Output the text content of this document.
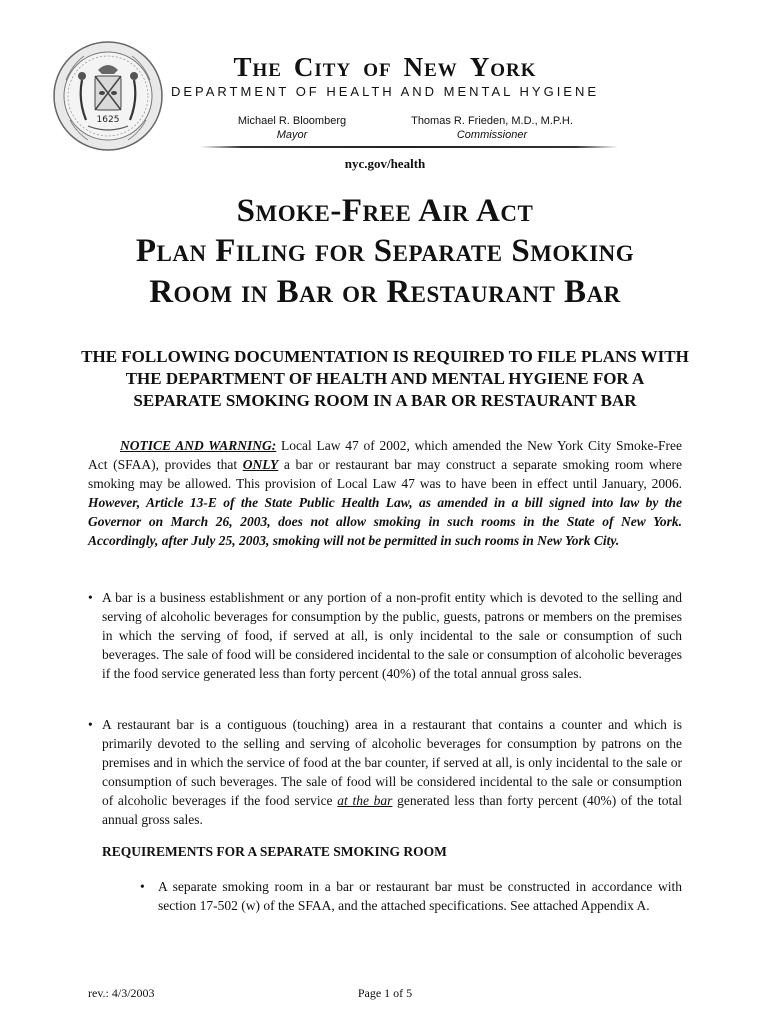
1625
The City of New York
DEPARTMENT OF HEALTH AND MENTAL HYGIENE
Michael R. Bloomberg
Mayor
Thomas R. Frieden, M.D., M.P.H.
Commissioner
nyc.gov/health
Smoke-Free Air Act
Plan Filing for Separate Smoking
Room in Bar or Restaurant Bar
THE FOLLOWING DOCUMENTATION IS REQUIRED TO FILE PLANS WITH THE DEPARTMENT OF HEALTH AND MENTAL HYGIENE FOR A SEPARATE SMOKING ROOM IN A BAR OR RESTAURANT BAR
NOTICE AND WARNING: Local Law 47 of 2002, which amended the New York City Smoke-Free Act (SFAA), provides that ONLY a bar or restaurant bar may construct a separate smoking room where smoking may be allowed. This provision of Local Law 47 was to have been in effect until January, 2006. However, Article 13-E of the State Public Health Law, as amended in a bill signed into law by the Governor on March 26, 2003, does not allow smoking in such rooms in the State of New York. Accordingly, after July 25, 2003, smoking will not be permitted in such rooms in New York City.
• A bar is a business establishment or any portion of a non-profit entity which is devoted to the selling and serving of alcoholic beverages for consumption by the public, guests, patrons or members on the premises in which the serving of food, if served at all, is only incidental to the sale or consumption of such beverages. The sale of food will be considered incidental to the sale or consumption of alcoholic beverages if the food service generated less than forty percent (40%) of the total annual gross sales.
• A restaurant bar is a contiguous (touching) area in a restaurant that contains a counter and which is primarily devoted to the selling and serving of alcoholic beverages for consumption by patrons on the premises and in which the service of food at the bar counter, if served at all, is only incidental to the sale or consumption of such beverages. The sale of food will be considered incidental to the sale or consumption of alcoholic beverages if the food service at the bar generated less than forty percent (40%) of the total annual gross sales.
REQUIREMENTS FOR A SEPARATE SMOKING ROOM
• A separate smoking room in a bar or restaurant bar must be constructed in accordance with section 17-502 (w) of the SFAA, and the attached specifications. See attached Appendix A.
rev.: 4/3/2003	Page 1 of 5
